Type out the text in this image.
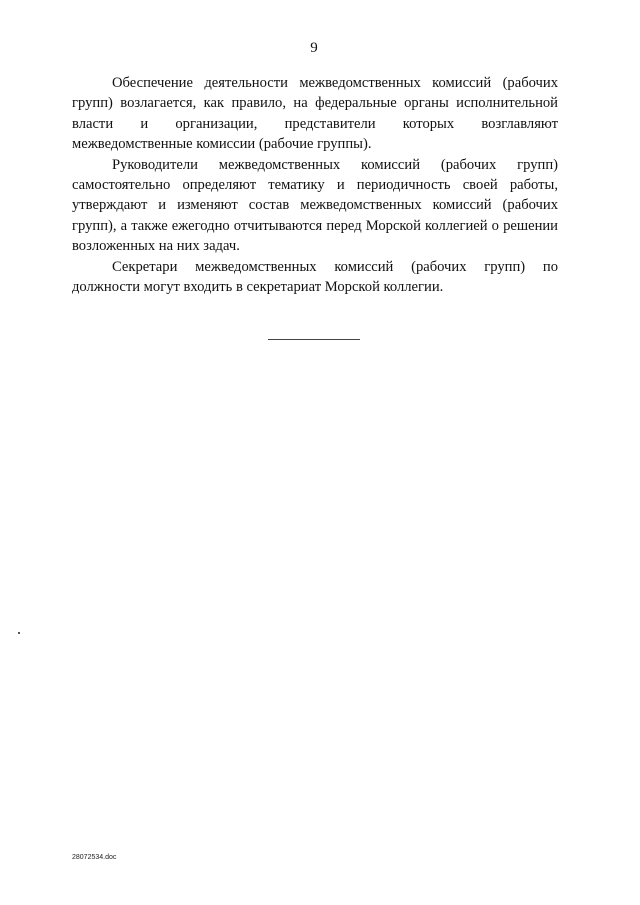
9

Обеспечение деятельности межведомственных комиссий (рабочих групп) возлагается, как правило, на федеральные органы исполнительной власти и организации, представители которых возглавляют межведомственные комиссии (рабочие группы).

Руководители межведомственных комиссий (рабочих групп) самостоятельно определяют тематику и периодичность своей работы, утверждают и изменяют состав межведомственных комиссий (рабочих групп), а также ежегодно отчитываются перед Морской коллегией о решении возложенных на них задач.

Секретари межведомственных комиссий (рабочих групп) по должности могут входить в секретариат Морской коллегии.

28072534.doc
